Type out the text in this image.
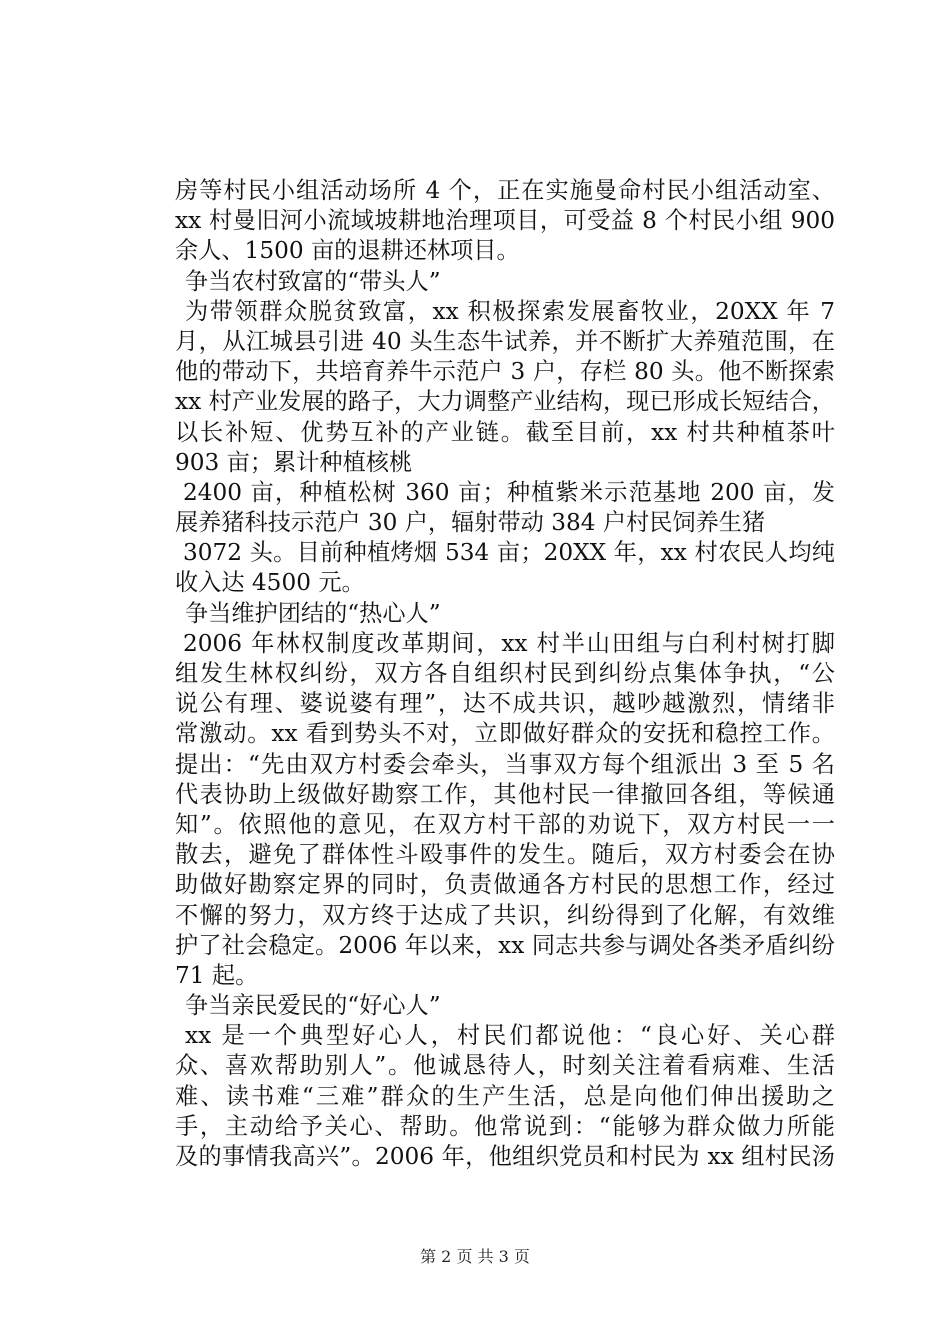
房等村民小组活动场所 4 个，正在实施曼命村民小组活动室、
xx 村曼旧河小流域坡耕地治理项目，可受益 8 个村民小组 900
余人、1500 亩的退耕还林项目。
争当农村致富的“带头人”
为带领群众脱贫致富，xx 积极探索发展畜牧业，20XX 年 7
月，从江城县引进 40 头生态牛试养，并不断扩大养殖范围，在
他的带动下，共培育养牛示范户 3 户，存栏 80 头。他不断探索
xx 村产业发展的路子，大力调整产业结构，现已形成长短结合，
以长补短、优势互补的产业链。截至目前，xx 村共种植茶叶
903 亩；累计种植核桃
2400 亩，种植松树 360 亩；种植紫米示范基地 200 亩，发
展养猪科技示范户 30 户，辐射带动 384 户村民饲养生猪
3072 头。目前种植烤烟 534 亩；20XX 年，xx 村农民人均纯
收入达 4500 元。
争当维护团结的“热心人”
2006 年林权制度改革期间，xx 村半山田组与白利村树打脚
组发生林权纠纷，双方各自组织村民到纠纷点集体争执，“公
说公有理、婆说婆有理”，达不成共识，越吵越激烈，情绪非
常激动。xx 看到势头不对，立即做好群众的安抚和稳控工作。
提出：“先由双方村委会牵头，当事双方每个组派出 3 至 5 名
代表协助上级做好勘察工作，其他村民一律撤回各组，等候通
知”。依照他的意见，在双方村干部的劝说下，双方村民一一
散去，避免了群体性斗殴事件的发生。随后，双方村委会在协
助做好勘察定界的同时，负责做通各方村民的思想工作，经过
不懈的努力，双方终于达成了共识，纠纷得到了化解，有效维
护了社会稳定。2006 年以来，xx 同志共参与调处各类矛盾纠纷
71 起。
争当亲民爱民的“好心人”
xx 是一个典型好心人，村民们都说他：“良心好、关心群
众、喜欢帮助别人”。他诚恳待人，时刻关注着看病难、生活
难、读书难“三难”群众的生产生活，总是向他们伸出援助之
手，主动给予关心、帮助。他常说到：“能够为群众做力所能
及的事情我高兴”。2006 年，他组织党员和村民为 xx 组村民汤
第 2 页 共 3 页
